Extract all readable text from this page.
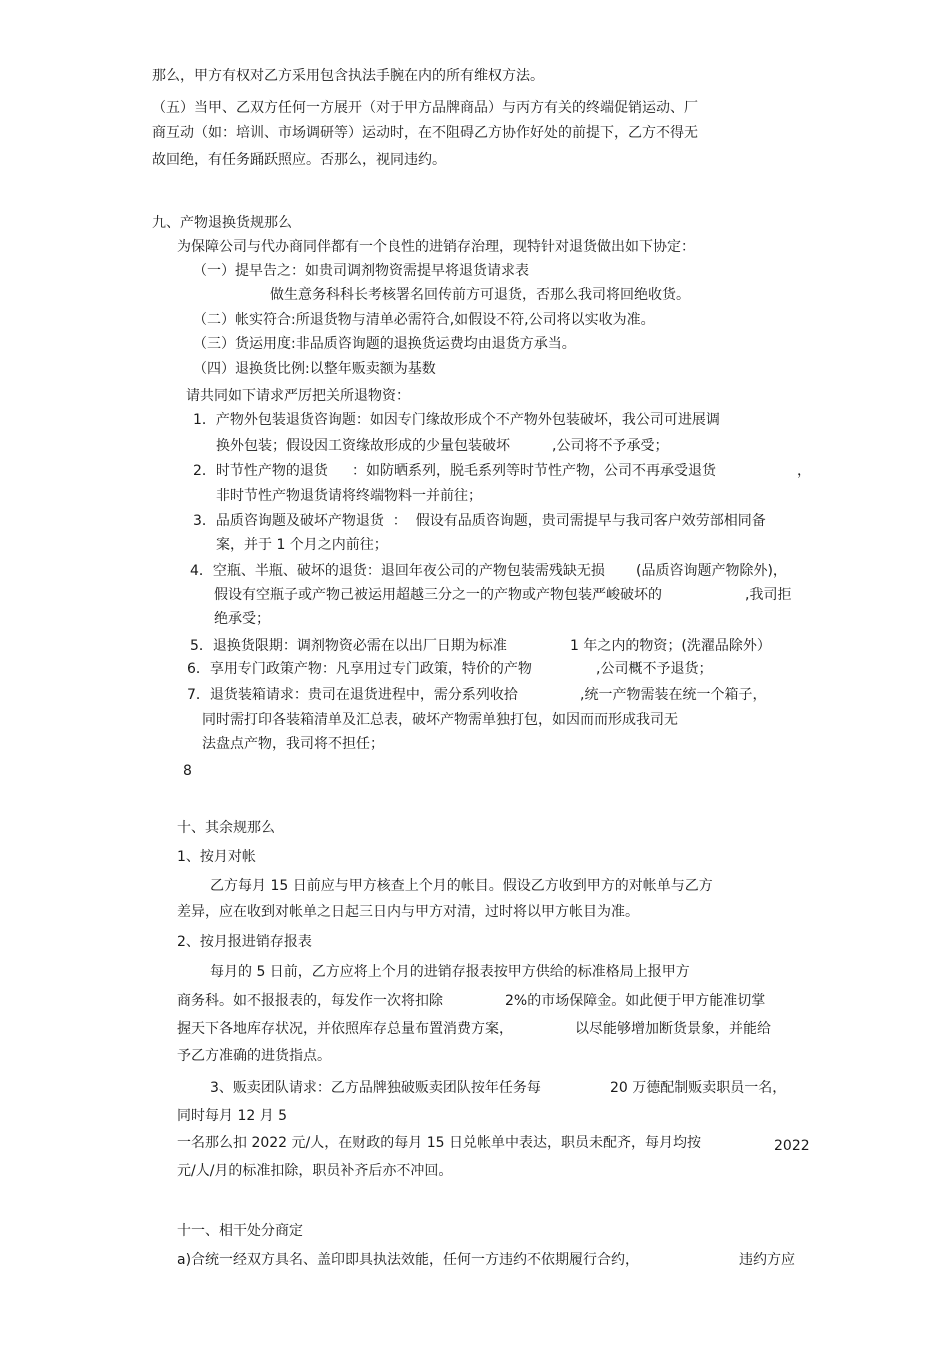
那么，甲方有权对乙方采用包含执法手腕在内的所有维权方法。
（五）当甲、乙双方任何一方展开（对于甲方品牌商品）与丙方有关的终端促销运动、厂
商互动（如：培训、市场调研等）运动时，在不阻碍乙方协作好处的前提下，乙方不得无
故回绝，有任务踊跃照应。否那么，视同违约。
九、产物退换货规那么
为保障公司与代办商同伴都有一个良性的进销存治理，现特针对退货做出如下协定：
（一）提早告之：如贵司调剂物资需提早将退货请求表
做生意务科科长考核署名回传前方可退货，否那么我司将回绝收货。
（二）帐实符合:所退货物与清单必需符合,如假设不符,公司将以实收为准。
（三）货运用度:非品质咨询题的退换货运费均由退货方承当。
（四）退换货比例:以整年贩卖额为基数
请共同如下请求严厉把关所退物资：
1．产物外包装退货咨询题：如因专门缘故形成个不产物外包装破坏，我公司可进展调
换外包装；假设因工资缘故形成的少量包装破坏	,公司将不予承受；
2．时节性产物的退货 ：如防晒系列，脱毛系列等时节性产物，公司不再承受退货	，
非时节性产物退货请将终端物料一并前往；
3．品质咨询题及破坏产物退货  ：  假设有品质咨询题，贵司需提早与我司客户效劳部相同备
案，并于 1 个月之内前往；
4．空瓶、半瓶、破坏的退货：退回年夜公司的产物包装需残缺无损 (品质咨询题产物除外)，
假设有空瓶子或产物己被运用超越三分之一的产物或产物包装严峻破坏的	,我司拒
绝承受；
5．退换货限期：调剂物资必需在以出厂日期为标准	1 年之内的物资；(洗濯品除外）
6．享用专门政策产物：凡享用过专门政策，特价的产物	,公司概不予退货；
7．退货装箱请求：贵司在退货进程中，需分系列收拾	,统一产物需装在统一个箱子，
同时需打印各装箱清单及汇总表，破坏产物需单独打包，如因而而形成我司无
法盘点产物，我司将不担任；
8
十、其余规那么
1、按月对帐
乙方每月 15 日前应与甲方核查上个月的帐目。假设乙方收到甲方的对帐单与乙方
差异，应在收到对帐单之日起三日内与甲方对清，过时将以甲方帐目为准。
2、按月报进销存报表
每月的 5 日前，乙方应将上个月的进销存报表按甲方供给的标准格局上报甲方
商务科。如不报报表的，每发作一次将扣除	2%的市场保障金。如此便于甲方能准切掌
握天下各地库存状况，并依照库存总量布置消费方案，	以尽能够增加断货景象，并能给
予乙方准确的进货指点。
3、贩卖团队请求：乙方品牌独破贩卖团队按年任务每	20 万德配制贩卖职员一名，
同时每月 12 月 5
一名那么扣 2022 元/人，在财政的每月 15 日兑帐单中表达，职员未配齐，每月均按	2022
元/人/月的标准扣除，职员补齐后亦不冲回。
十一、相干处分商定
a)合统一经双方具名、盖印即具执法效能，任何一方违约不依期履行合约，	违约方应
